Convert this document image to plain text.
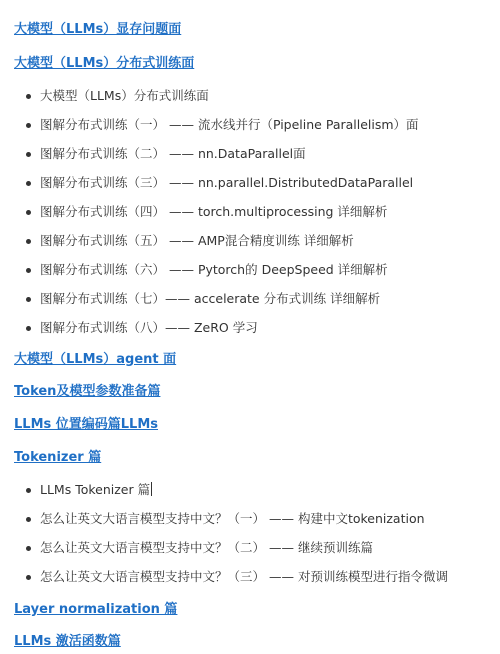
大模型（LLMs）显存问题面
大模型（LLMs）分布式训练面
大模型（LLMs）分布式训练面
图解分布式训练（一） —— 流水线并行（Pipeline Parallelism）面
图解分布式训练（二） —— nn.DataParallel面
图解分布式训练（三） —— nn.parallel.DistributedDataParallel
图解分布式训练（四） —— torch.multiprocessing 详细解析
图解分布式训练（五） —— AMP混合精度训练 详细解析
图解分布式训练（六） —— Pytorch的 DeepSpeed 详细解析
图解分布式训练（七）—— accelerate 分布式训练 详细解析
图解分布式训练（八）—— ZeRO 学习
大模型（LLMs）agent 面
Token及模型参数准备篇
LLMs 位置编码篇LLMs
Tokenizer 篇
LLMs Tokenizer 篇
怎么让英文大语言模型支持中文？（一） —— 构建中文tokenization
怎么让英文大语言模型支持中文？（二） —— 继续预训练篇
怎么让英文大语言模型支持中文？（三） —— 对预训练模型进行指令微调
Layer normalization 篇
LLMs 激活函数篇
